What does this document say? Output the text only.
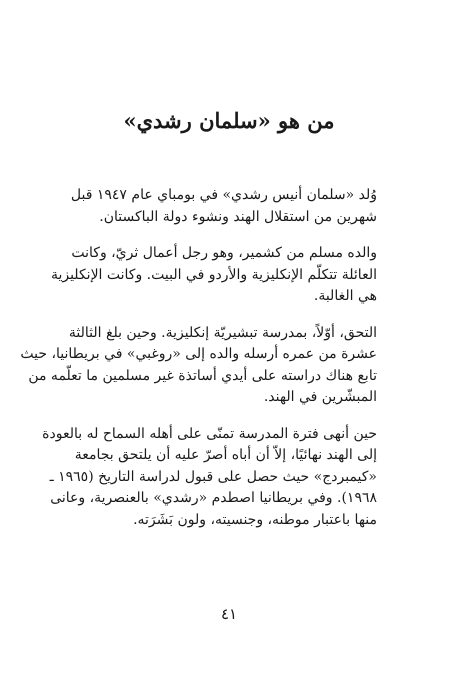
من هو «سلمان رشدي»

وُلد «سلمان أنيس رشدي» في بومباي عام ١٩٤٧ قبل
شهرين من استقلال الهند ونشوء دولة الباكستان.

والده مسلم من كشمير، وهو رجل أعمال ثريّ، وكانت
العائلة تتكلّم الإنكليزية والأردو في البيت. وكانت الإنكليزية
هي الغالبة.

التحق، أوّلاً، بمدرسة تبشيريّة إنكليزية. وحين بلغ الثالثة
عشرة من عمره أرسله والده إلى «روغبي» في بريطانيا، حيث
تابع هناك دراسته على أيدي أساتذة غير مسلمين ما تعلّمه من
المبشّرين في الهند.

حين أنهى فترة المدرسة تمنّى على أهله السماح له بالعودة
إلى الهند نهائيًا، إلاّ أن أباه أصرّ عليه أن يلتحق بجامعة
«كيمبردج» حيث حصل على قبول لدراسة التاريخ (١٩٦٥ ـ
١٩٦٨). وفي بريطانيا اصطدم «رشدي» بالعنصرية، وعانى
منها باعتبار موطنه، وجنسيته، ولون بَشَرَته.

٤١
